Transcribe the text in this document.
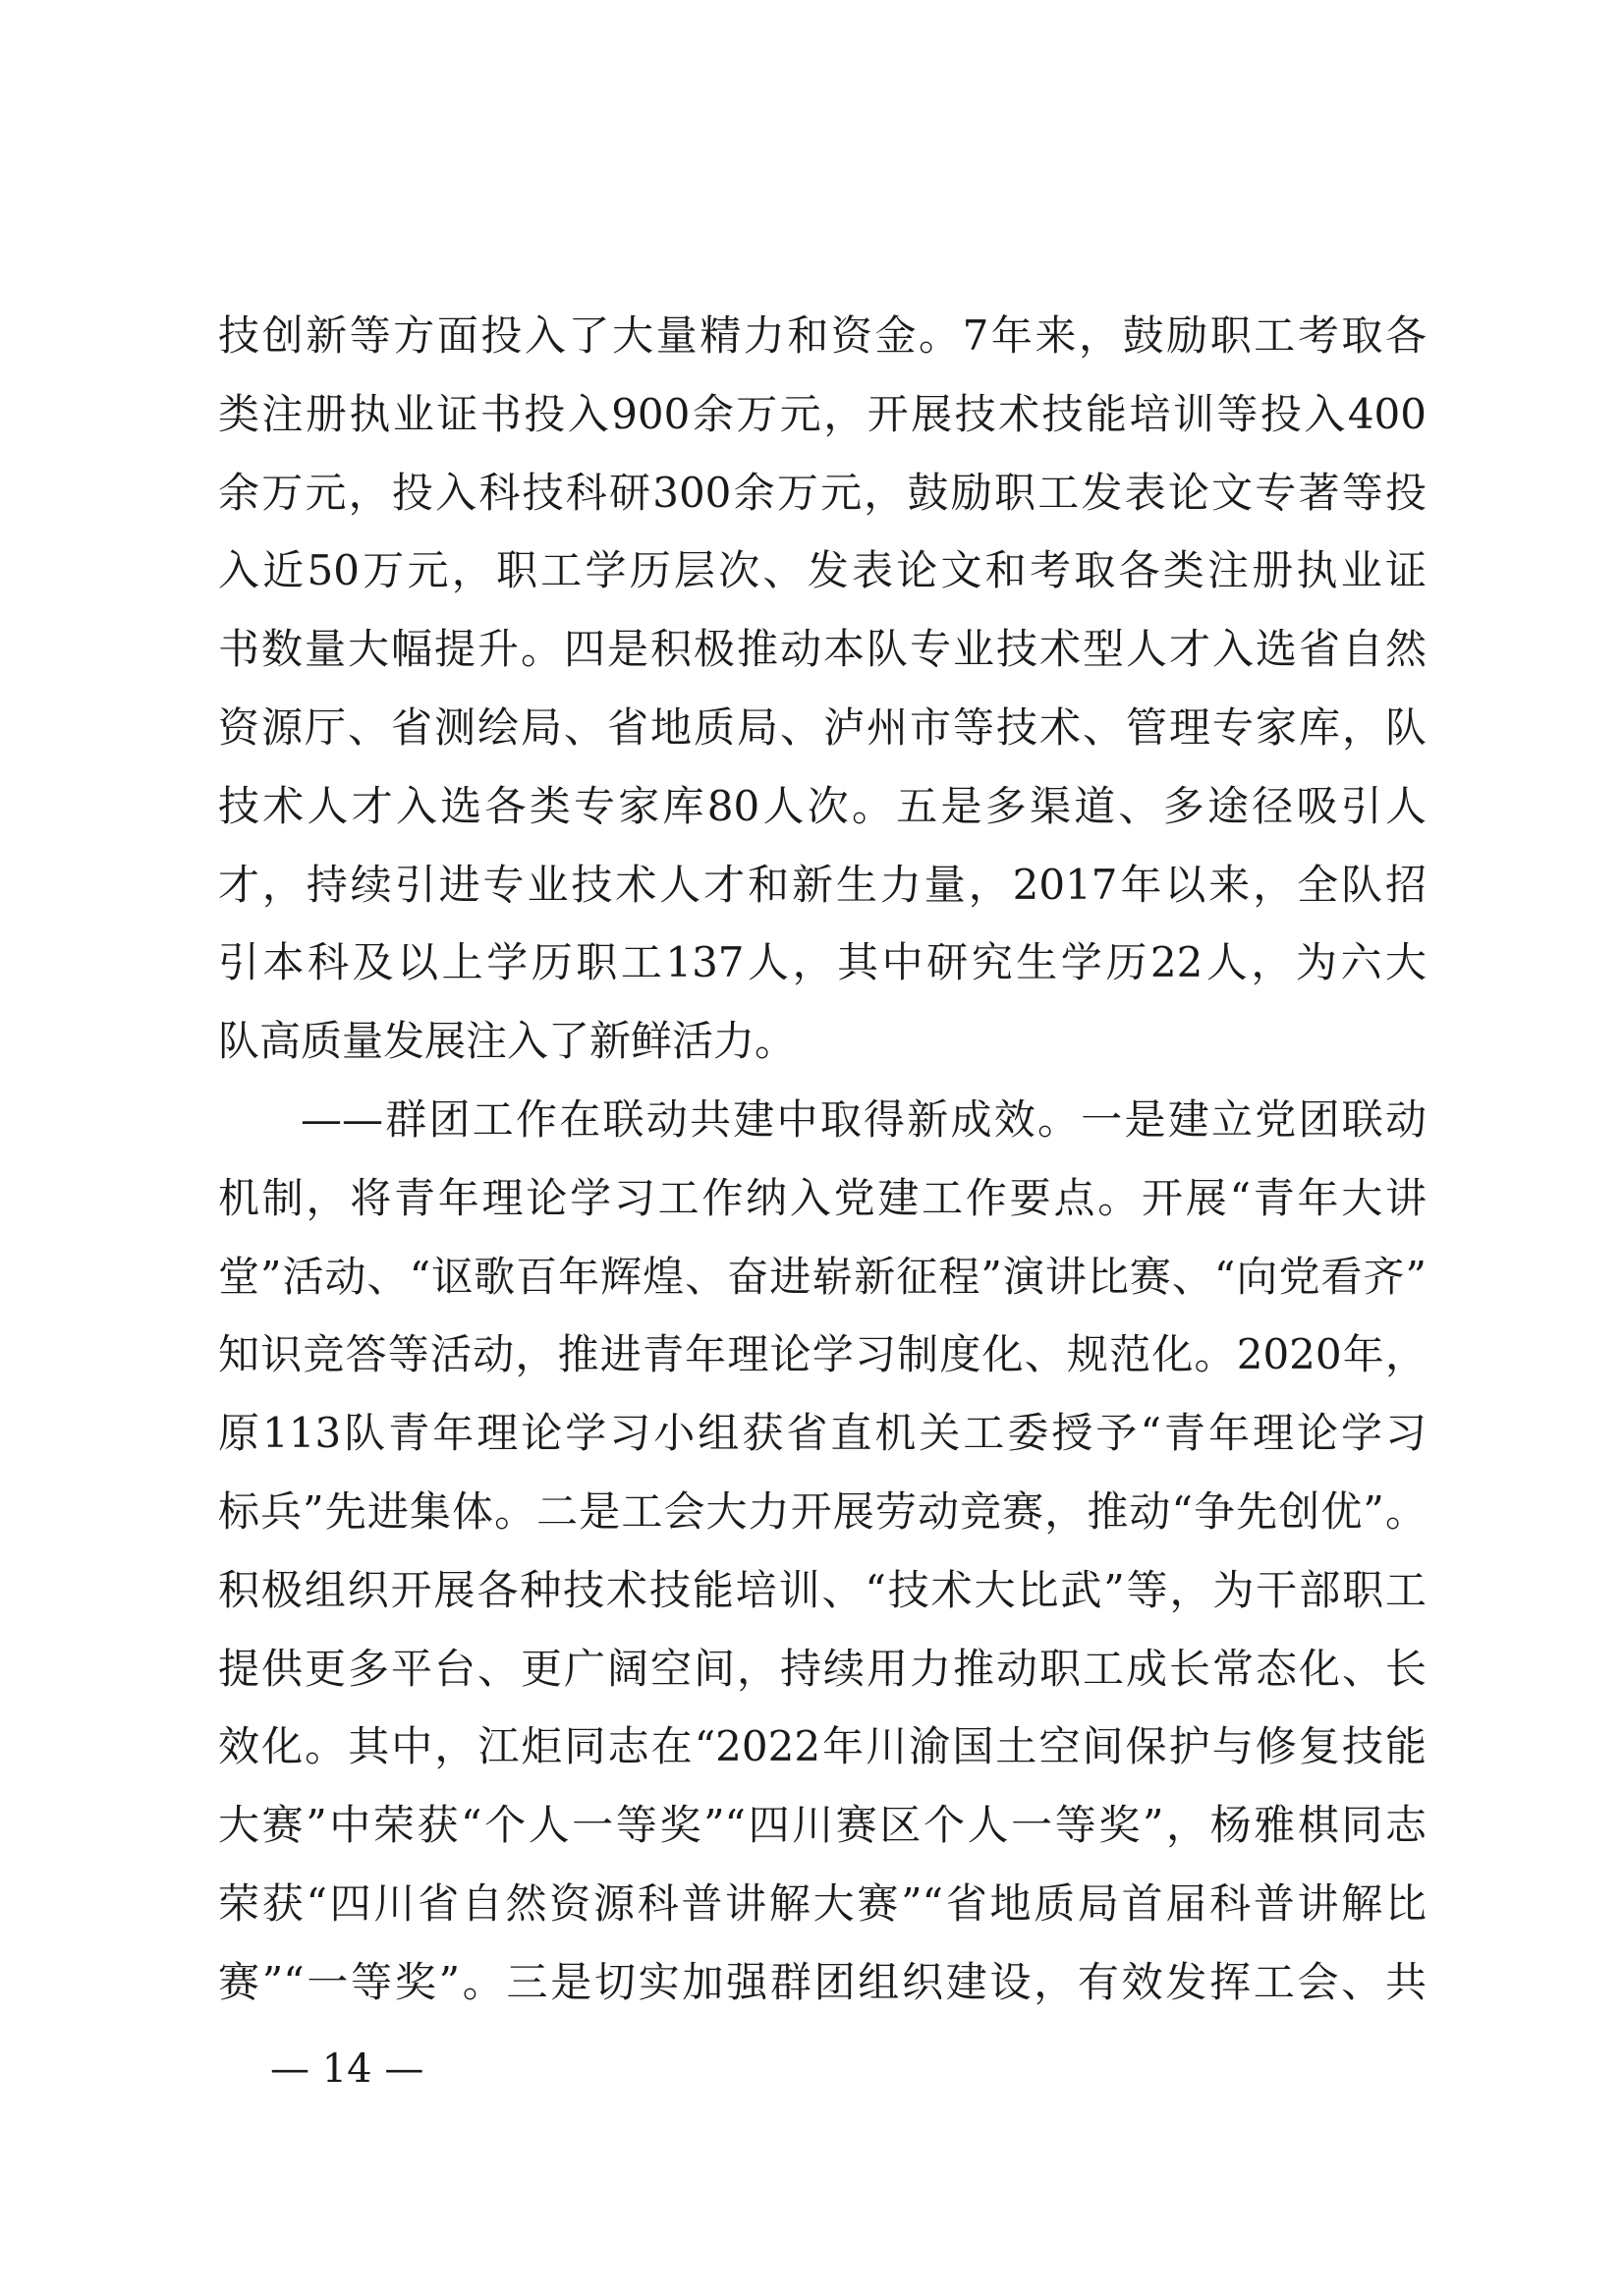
技创新等方面投入了大量精力和资金。7年来，鼓励职工考取各
类注册执业证书投入900余万元，开展技术技能培训等投入400
余万元，投入科技科研300余万元，鼓励职工发表论文专著等投
入近50万元，职工学历层次、发表论文和考取各类注册执业证
书数量大幅提升。四是积极推动本队专业技术型人才入选省自然
资源厅、省测绘局、省地质局、泸州市等技术、管理专家库，队
技术人才入选各类专家库80人次。五是多渠道、多途径吸引人
才，持续引进专业技术人才和新生力量，2017年以来，全队招
引本科及以上学历职工137人，其中研究生学历22人，为六大
队高质量发展注入了新鲜活力。
——群团工作在联动共建中取得新成效。一是建立党团联动
机制，将青年理论学习工作纳入党建工作要点。开展“青年大讲
堂”活动、“讴歌百年辉煌、奋进崭新征程”演讲比赛、“向党看齐”
知识竞答等活动，推进青年理论学习制度化、规范化。2020年，
原113队青年理论学习小组获省直机关工委授予“青年理论学习
标兵”先进集体。二是工会大力开展劳动竞赛，推动“争先创优”。
积极组织开展各种技术技能培训、“技术大比武”等，为干部职工
提供更多平台、更广阔空间，持续用力推动职工成长常态化、长
效化。其中，江炬同志在“2022年川渝国土空间保护与修复技能
大赛”中荣获“个人一等奖”“四川赛区个人一等奖”，杨雅棋同志
荣获“四川省自然资源科普讲解大赛”“省地质局首届科普讲解比
赛”“一等奖”。三是切实加强群团组织建设，有效发挥工会、共
— 14 —
